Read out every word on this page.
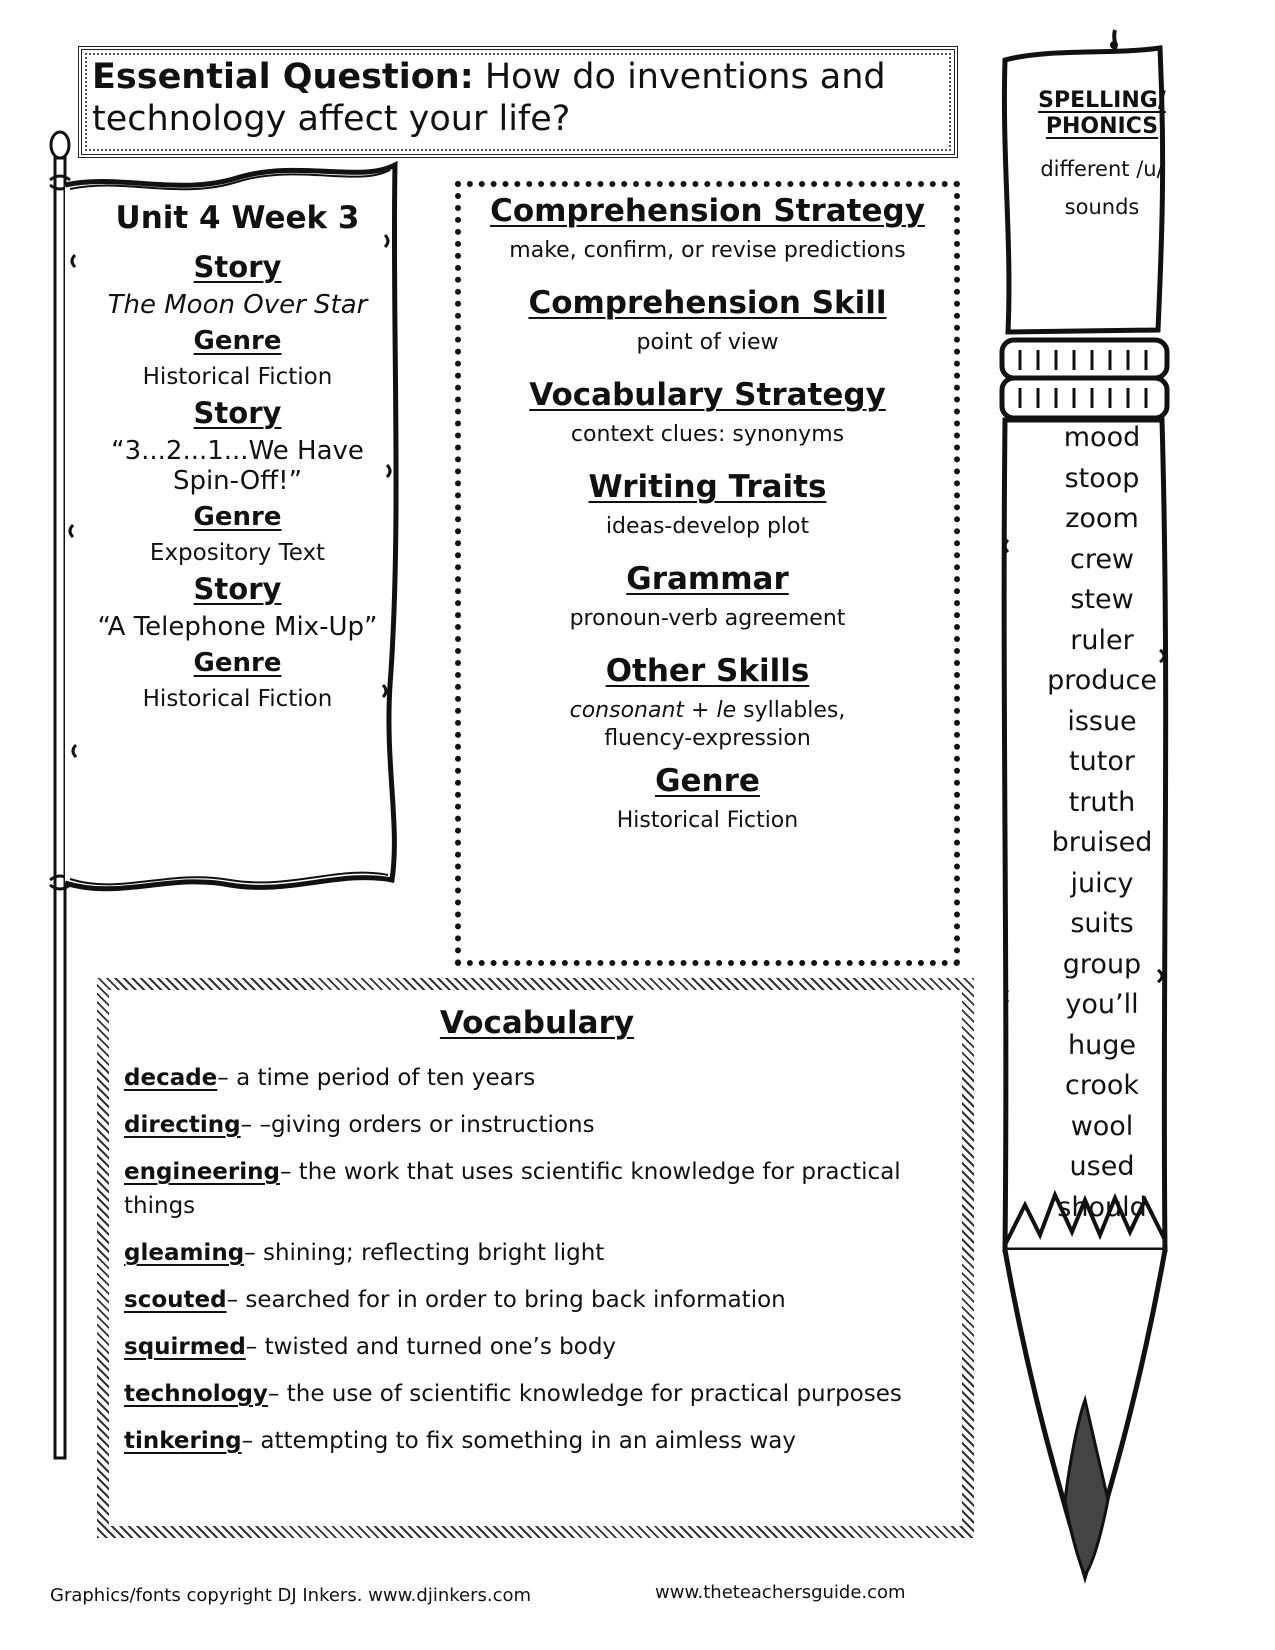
Essential Question: How do inventions and technology affect your life?
Unit 4 Week 3
Story
The Moon Over Star
Genre
Historical Fiction
Story
“3...2...1...We Have Spin-Off!”
Genre
Expository Text
Story
“A Telephone Mix-Up”
Genre
Historical Fiction
Comprehension Strategy
make, confirm, or revise predictions
Comprehension Skill
point of view
Vocabulary Strategy
context clues: synonyms
Writing Traits
ideas-develop plot
Grammar
pronoun-verb agreement
Other Skills
consonant + le syllables,
fluency-expression
Genre
Historical Fiction
Vocabulary
decade– a time period of ten years
directing– –giving orders or instructions
engineering– the work that uses scientific knowledge for practical things
gleaming– shining; reflecting bright light
scouted– searched for in order to bring back information
squirmed– twisted and turned one’s body
technology– the use of scientific knowledge for practical purposes
tinkering– attempting to fix something in an aimless way
SPELLING/
PHONICS
different /u/
sounds
mood
stoop
zoom
crew
stew
ruler
produce
issue
tutor
truth
bruised
juicy
suits
group
you’ll
huge
crook
wool
used
should
Graphics/fonts copyright DJ Inkers. www.djinkers.com	www.theteachersguide.com
